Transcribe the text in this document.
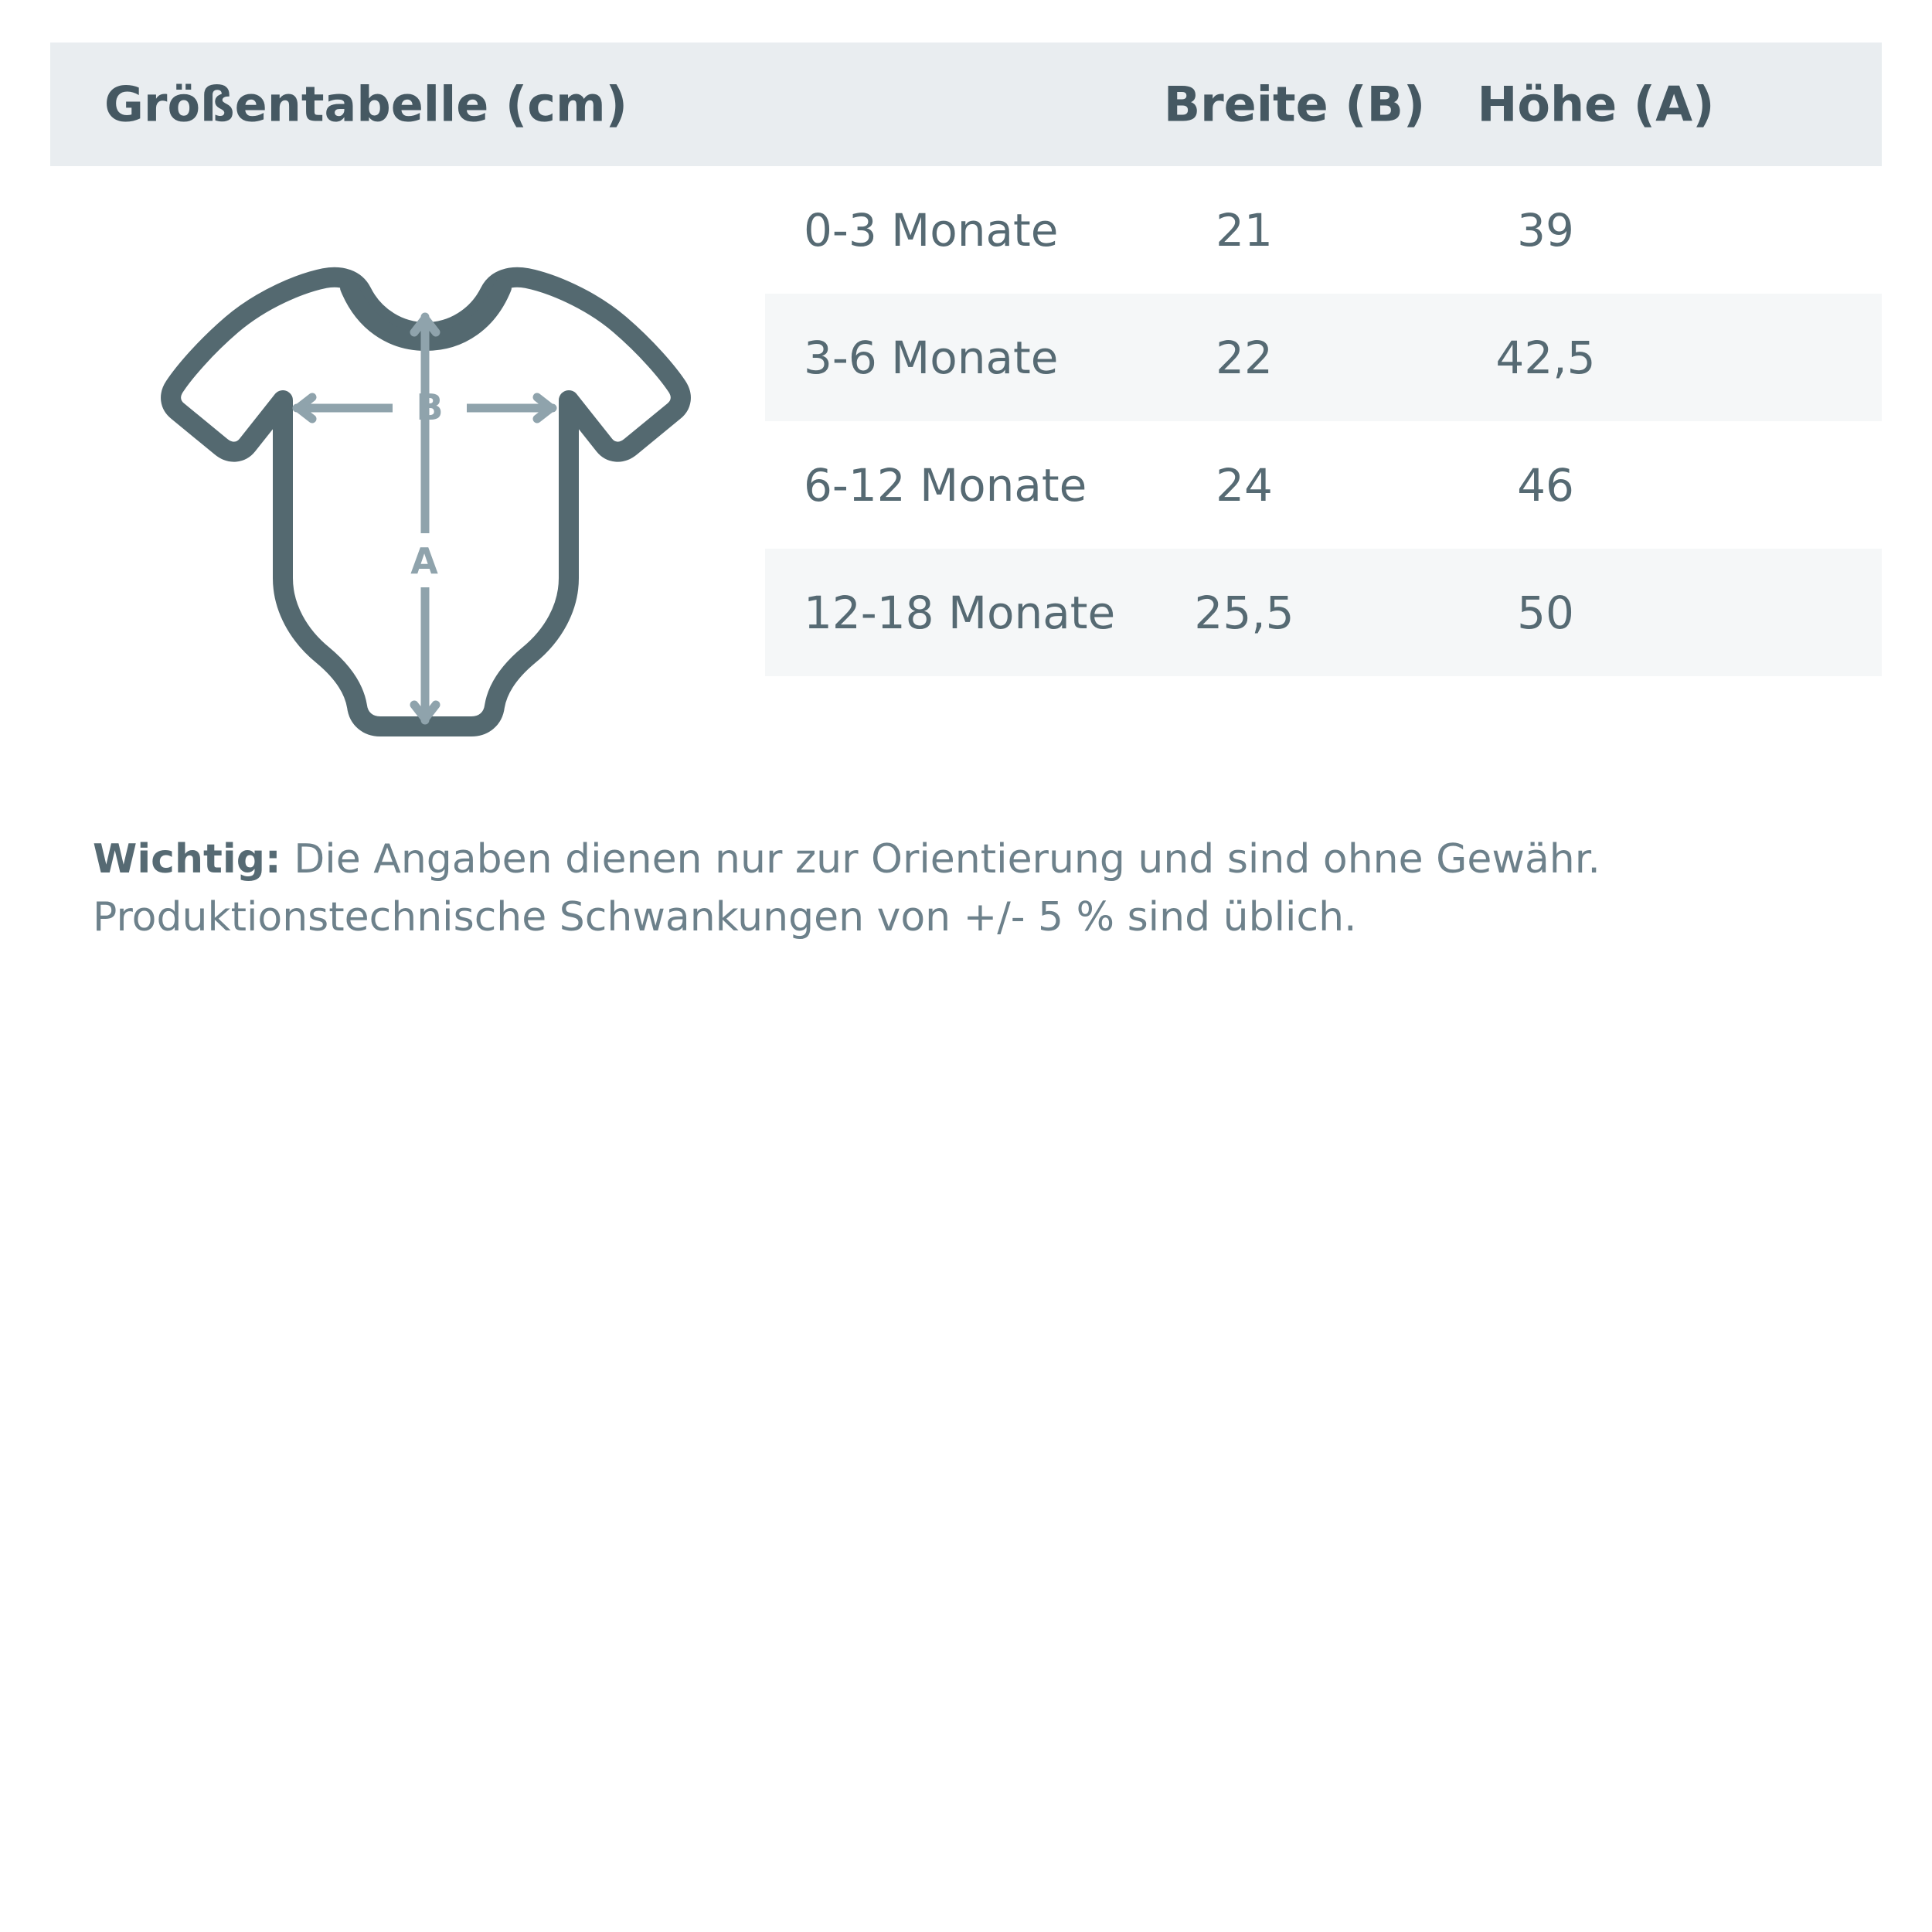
Größentabelle (cm)	Breite (B)	Höhe (A)
B
A
0-3 Monate	21	39
3-6 Monate	22	42,5
6-12 Monate	24	46
12-18 Monate	25,5	50
Wichtig: Die Angaben dienen nur zur Orientierung und sind ohne Gewähr. Produktionstechnische Schwankungen von +/- 5 % sind üblich.
